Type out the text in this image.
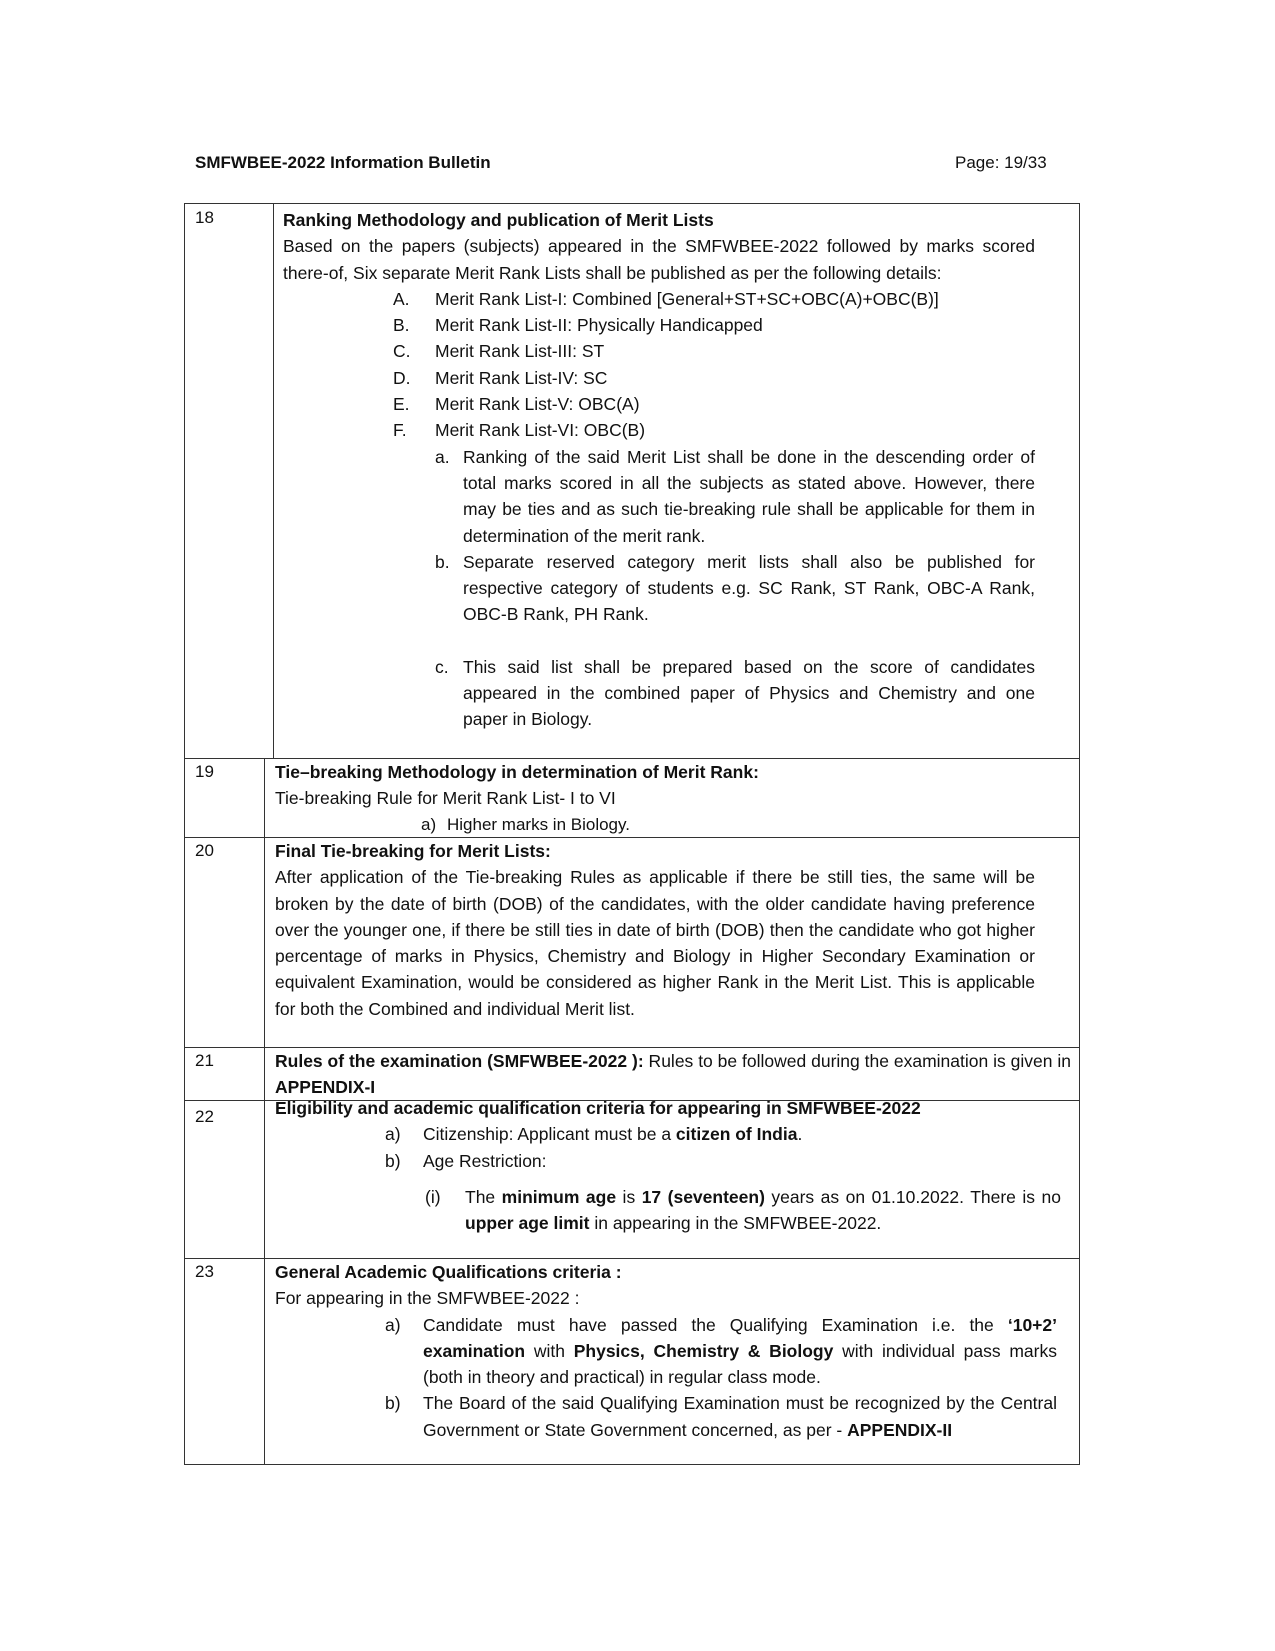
SMFWBEE-2022 Information Bulletin	Page: 19/33
18	Ranking Methodology and publication of Merit Lists

Based on the papers (subjects) appeared in the SMFWBEE-2022 followed by marks scored there-of, Six separate Merit Rank Lists shall be published as per the following details:

A.	Merit Rank List-I: Combined [General+ST+SC+OBC(A)+OBC(B)]
B.	Merit Rank List-II: Physically Handicapped
C.	Merit Rank List-III: ST
D.	Merit Rank List-IV: SC
E.	Merit Rank List-V: OBC(A)
F.	Merit Rank List-VI: OBC(B)
a. Ranking of the said Merit List shall be done in the descending order of total marks scored in all the subjects as stated above. However, there may be ties and as such tie-breaking rule shall be applicable for them in determination of the merit rank.
b. Separate reserved category merit lists shall also be published for respective category of students e.g. SC Rank, ST Rank, OBC-A Rank, OBC-B Rank, PH Rank.
c. This said list shall be prepared based on the score of candidates appeared in the combined paper of Physics and Chemistry and one paper in Biology.
19	Tie–breaking Methodology in determination of Merit Rank:

Tie-breaking Rule for Merit Rank List- I to VI

a) Higher marks in Biology.
20	Final Tie-breaking for Merit Lists:

After application of the Tie-breaking Rules as applicable if there be still ties, the same will be broken by the date of birth (DOB) of the candidates, with the older candidate having preference over the younger one, if there be still ties in date of birth (DOB) then the candidate who got higher percentage of marks in Physics, Chemistry and Biology in Higher Secondary Examination or equivalent Examination, would be considered as higher Rank in the Merit List. This is applicable for both the Combined and individual Merit list.

21	Rules of the examination (SMFWBEE-2022 ): Rules to be followed during the examination is given in APPENDIX-I
22	Eligibility and academic qualification criteria for appearing in SMFWBEE-2022

a)	Citizenship: Applicant must be a citizen of India.
b)	Age Restriction:
(i)	The minimum age is 17 (seventeen) years as on 01.10.2022. There is no upper age limit in appearing in the SMFWBEE-2022.
23	General Academic Qualifications criteria :

For appearing in the SMFWBEE-2022 :

a)	Candidate must have passed the Qualifying Examination i.e. the ‘10+2’ examination with Physics, Chemistry & Biology with individual pass marks (both in theory and practical) in regular class mode.
b)	The Board of the said Qualifying Examination must be recognized by the Central Government or State Government concerned, as per - APPENDIX-II
